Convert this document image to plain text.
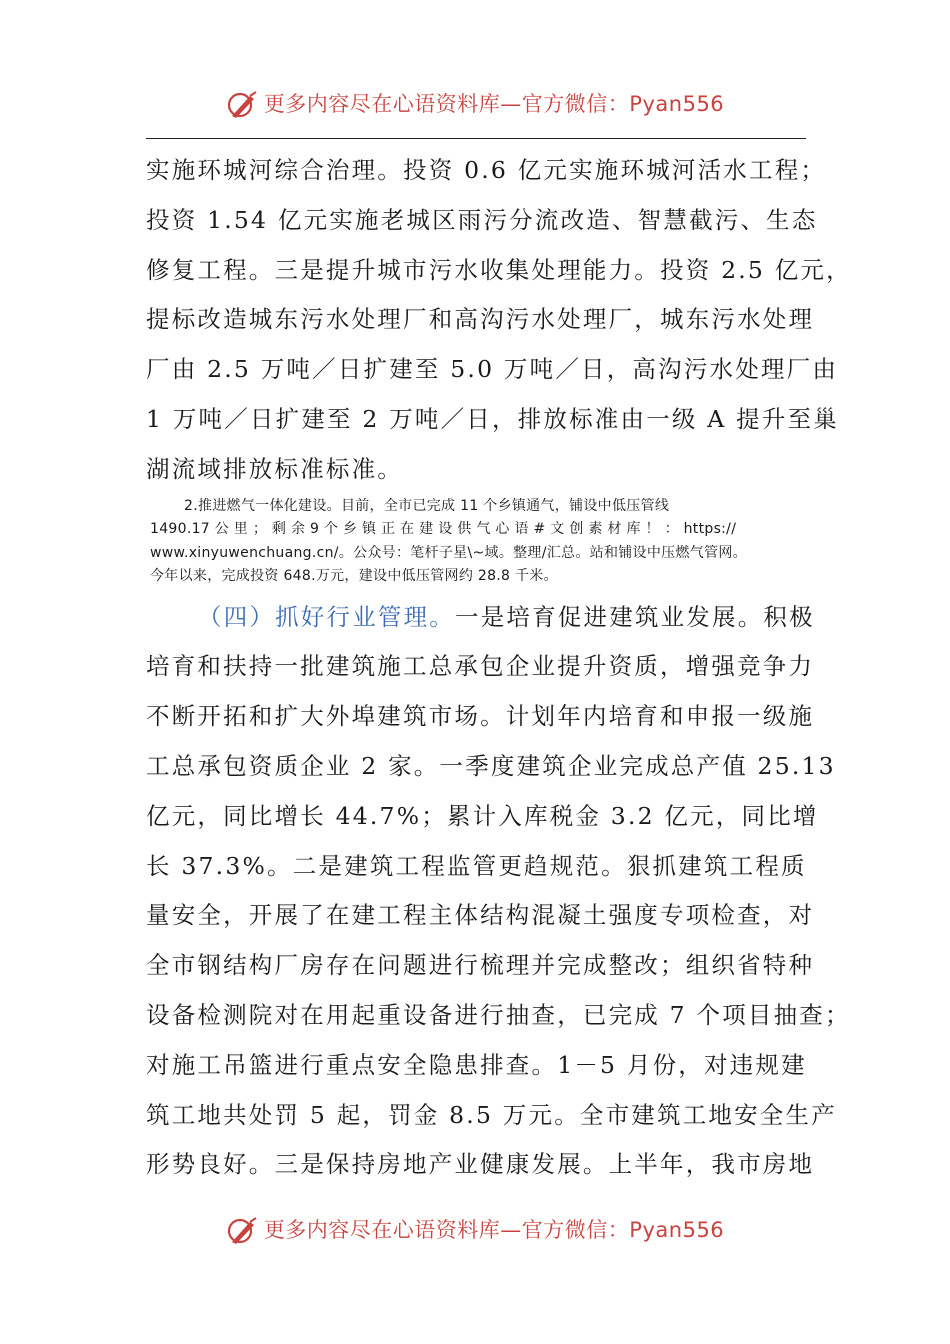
更多内容尽在心语资料库—官方微信：Pyan556
实施环城河综合治理。投资 0.6 亿元实施环城河活水工程；
投资 1.54 亿元实施老城区雨污分流改造、智慧截污、生态
修复工程。三是提升城市污水收集处理能力。投资 2.5 亿元，
提标改造城东污水处理厂和高沟污水处理厂，城东污水处理
厂由 2.5 万吨／日扩建至 5.0 万吨／日，高沟污水处理厂由
1 万吨／日扩建至 2 万吨／日，排放标准由一级 A 提升至巢
湖流域排放标准标准。
2.推进燃气一体化建设。目前，全市已完成 11 个乡镇通气，铺设中低压管线
1490.17 公 里 ； 剩 余 9 个 乡 镇 正 在 建 设 供 气 心 语 # 文 创 素 材 库 ！ ： https://
www.xinyuwenchuang.cn/。公众号：笔杆子星\~域。整理/汇总。站和铺设中压燃气管网。
今年以来，完成投资 648.万元，建设中低压管网约 28.8 千米。
（四）抓好行业管理。一是培育促进建筑业发展。积极
培育和扶持一批建筑施工总承包企业提升资质，增强竞争力
不断开拓和扩大外埠建筑市场。计划年内培育和申报一级施
工总承包资质企业 2 家。一季度建筑企业完成总产值 25.13
亿元，同比增长 44.7%；累计入库税金 3.2 亿元，同比增
长 37.3%。二是建筑工程监管更趋规范。狠抓建筑工程质
量安全，开展了在建工程主体结构混凝土强度专项检查，对
全市钢结构厂房存在问题进行梳理并完成整改；组织省特种
设备检测院对在用起重设备进行抽查，已完成 7 个项目抽查；
对施工吊篮进行重点安全隐患排查。1－5 月份，对违规建
筑工地共处罚 5 起，罚金 8.5 万元。全市建筑工地安全生产
形势良好。三是保持房地产业健康发展。上半年，我市房地
更多内容尽在心语资料库—官方微信：Pyan556
